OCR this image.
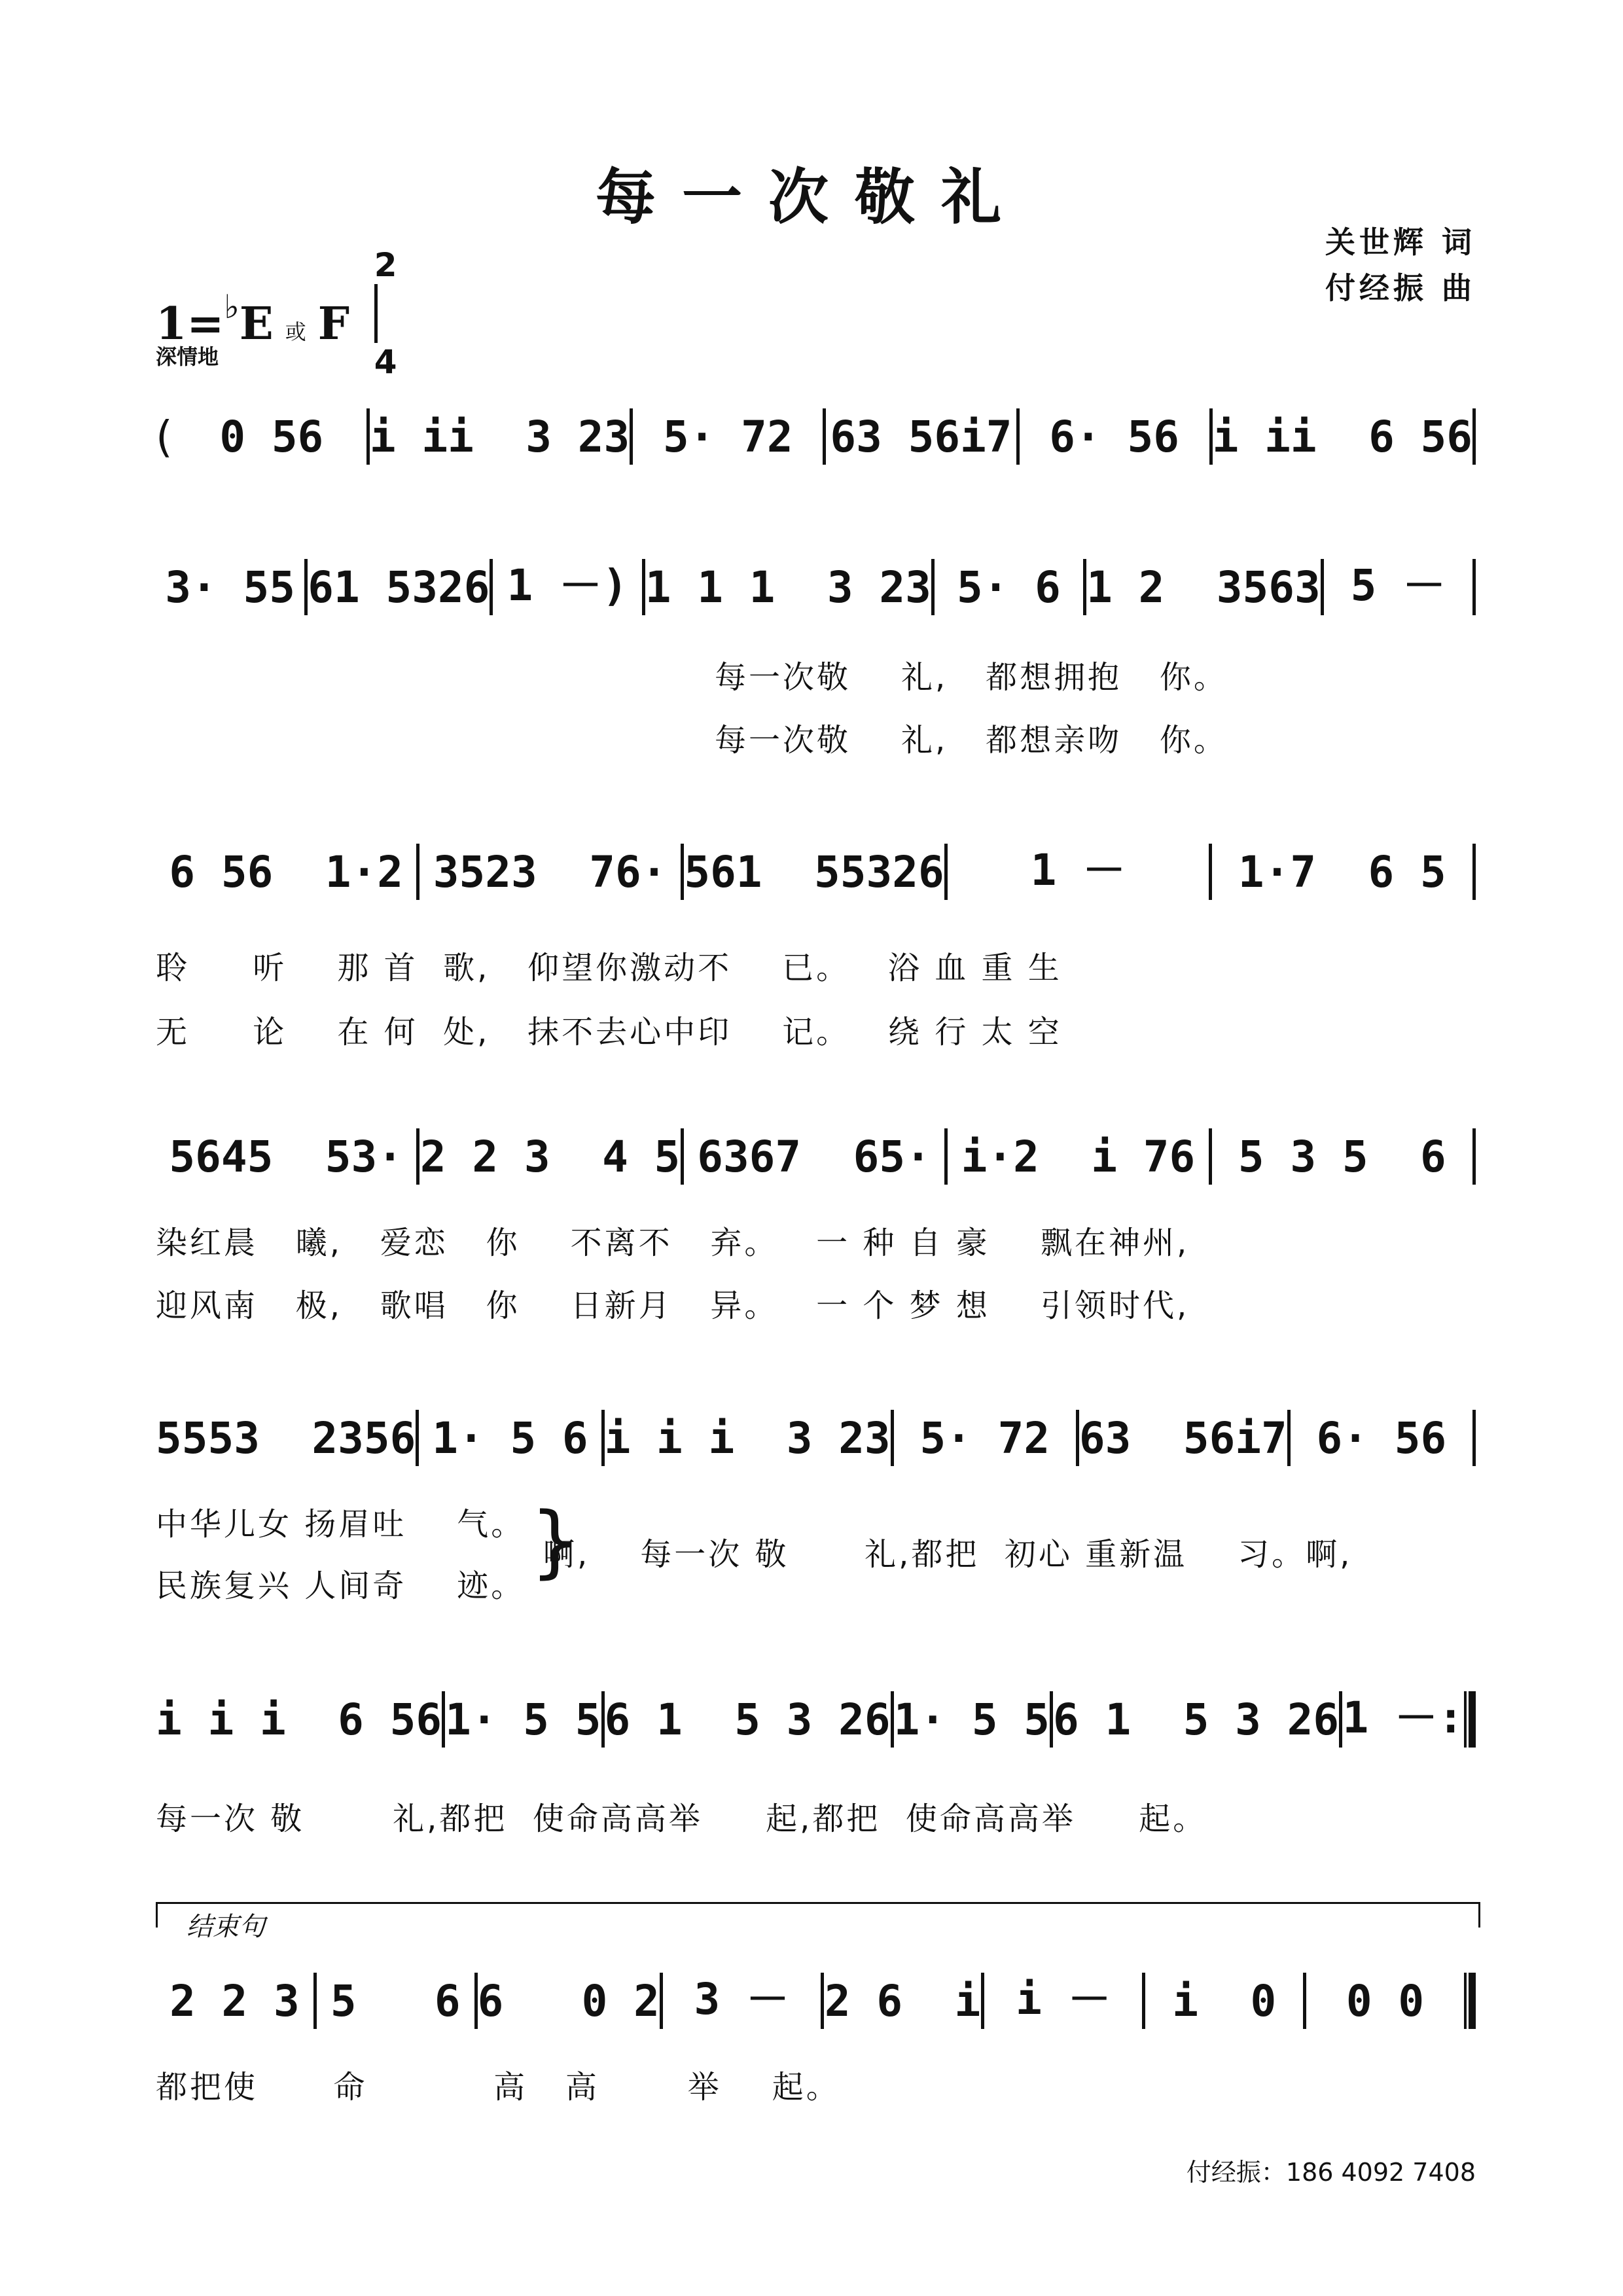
每一次敬礼
关世辉 词
付经振 曲
1=♭E 或 F
2
4
深情地
( 0 56 i ii  3 23 5· 72 63 56i7 6· 56 i ii  6 56
3· 55 61 5326 1 －) 1 1 1  3 23 5· 6 1 2  3563 5 －
每一次敬    礼,   都想拥抱   你。
每一次敬    礼,   都想亲吻   你。
6 56  1·2 3523  76· 561  55326 1 －	1·7  6 5
聆     听    那 首  歌,   仰望你激动不    已。   浴 血 重 生
无     论    在 何  处,   抹不去心中印    记。   绕 行 太 空
5645  53· 2 2 3  4 5 6367  65· i·2  i 76 5 3 5  6
染红晨   曦,   爱恋   你    不离不   弃。   一 种 自 豪    飘在神州,
迎风南   极,   歌唱   你    日新月   异。   一 个 梦 想    引领时代,
5553  2356 1· 5 6 i i i  3 23 5· 72 63  56i7 6· 56
中华儿女 扬眉吐    气。
民族复兴 人间奇    迹。 }
啊,    每一次 敬      礼,都把  初心 重新温    习。啊,
i i i  6 56 1· 5 5 6 1  5 3 26 1· 5 5 6 1  5 3 26 1 －:
每一次 敬       礼,都把  使命高高举     起,都把  使命高高举     起。
结束句
2 2 3 5   6 6   0 2 3 － 2 6  i i － i  0 0 0
都把使      命          高   高       举    起。
付经振：186 4092 7408
